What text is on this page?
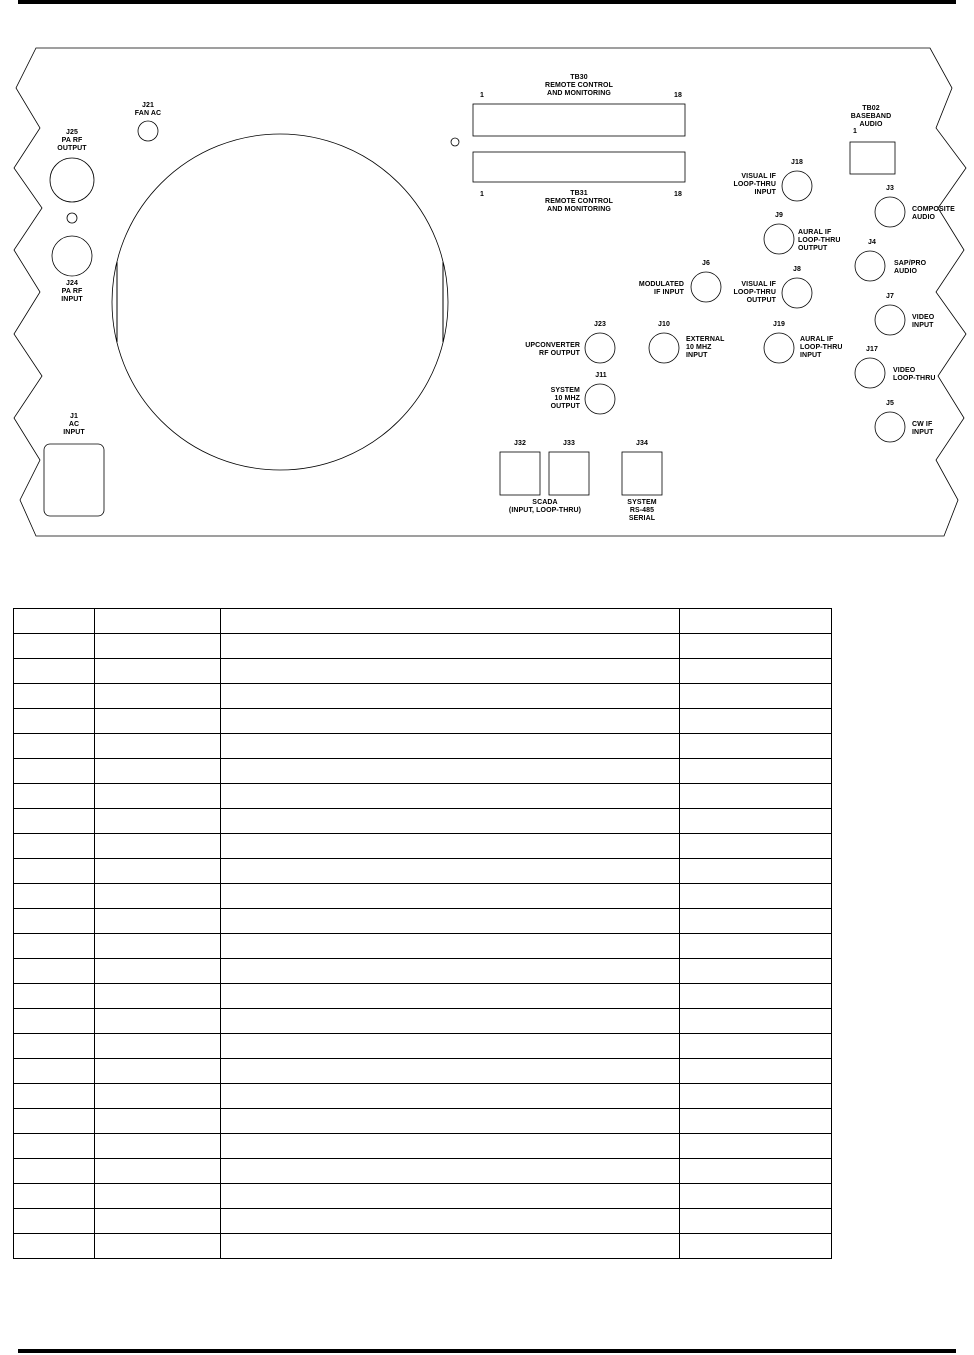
TB30
REMOTE CONTROL
AND MONITORING
1	18
TB31
REMOTE CONTROL
AND MONITORING
1	18
TB02
BASEBAND
AUDIO
1
J21
FAN AC
J25
PA RF
OUTPUT
J24
PA RF
INPUT
J1
AC
INPUT
J18
VISUAL IF
LOOP-THRU
INPUT
J3
COMPOSITE
AUDIO
J9
AURAL IF
LOOP-THRU
OUTPUT
J4
SAP/PRO
AUDIO
J6
MODULATED
IF INPUT
J8
VISUAL IF
LOOP-THRU
OUTPUT
J7
VIDEO
INPUT
J23
UPCONVERTER
RF OUTPUT
J10
EXTERNAL
10 MHZ
INPUT
J19
AURAL IF
LOOP-THRU
INPUT
J17
VIDEO
LOOP-THRU
J11
SYSTEM
10 MHZ
OUTPUT	J5
CW IF
INPUT
J32	J33
SCADA
(INPUT, LOOP-THRU)
J34
SYSTEM
RS-485
SERIAL
